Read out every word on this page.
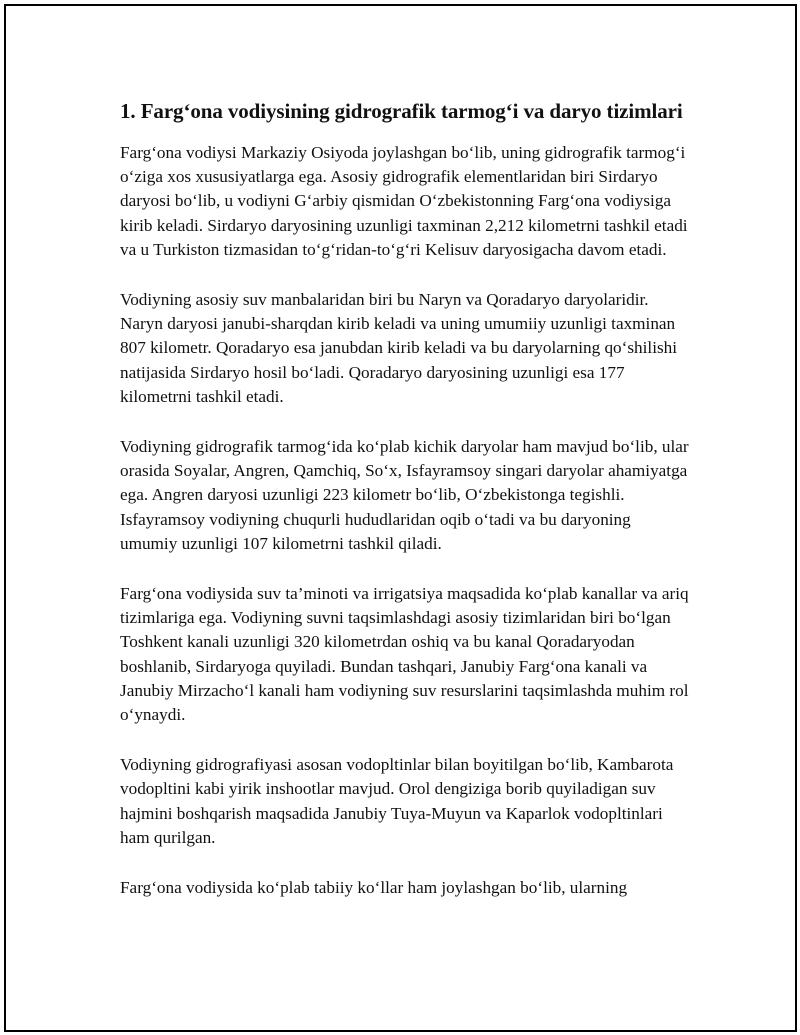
1. Farg‘ona vodiysining gidrografik tarmog‘i va daryo tizimlari

Farg‘ona vodiysi Markaziy Osiyoda joylashgan bo‘lib, uning gidrografik tarmog‘i o‘ziga xos xususiyatlarga ega. Asosiy gidrografik elementlaridan biri Sirdaryo daryosi bo‘lib, u vodiyni G‘arbiy qismidan O‘zbekistonning Farg‘ona vodiysiga kirib keladi. Sirdaryo daryosining uzunligi taxminan 2,212 kilometrni tashkil etadi va u Turkiston tizmasidan to‘g‘ridan-to‘g‘ri Kelisuv daryosigacha davom etadi.

Vodiyning asosiy suv manbalaridan biri bu Naryn va Qoradaryo daryolaridir. Naryn daryosi janubi-sharqdan kirib keladi va uning umumiiy uzunligi taxminan 807 kilometr. Qoradaryo esa janubdan kirib keladi va bu daryolarning qo‘shilishi natijasida Sirdaryo hosil bo‘ladi. Qoradaryo daryosining uzunligi esa 177 kilometrni tashkil etadi.

Vodiyning gidrografik tarmog‘ida ko‘plab kichik daryolar ham mavjud bo‘lib, ular orasida Soyalar, Angren, Qamchiq, So‘x, Isfayramsoy singari daryolar ahamiyatga ega. Angren daryosi uzunligi 223 kilometr bo‘lib, O‘zbekistonga tegishli. Isfayramsoy vodiyning chuqurli hududlaridan oqib o‘tadi va bu daryoning umumiy uzunligi 107 kilometrni tashkil qiladi.

Farg‘ona vodiysida suv ta’minoti va irrigatsiya maqsadida ko‘plab kanallar va ariq tizimlariga ega. Vodiyning suvni taqsimlashdagi asosiy tizimlaridan biri bo‘lgan Toshkent kanali uzunligi 320 kilometrdan oshiq va bu kanal Qoradaryodan boshlanib, Sirdaryoga quyiladi. Bundan tashqari, Janubiy Farg‘ona kanali va Janubiy Mirzacho‘l kanali ham vodiyning suv resurslarini taqsimlashda muhim rol o‘ynaydi.

Vodiyning gidrografiyasi asosan vodopltinlar bilan boyitilgan bo‘lib, Kambarota vodopltini kabi yirik inshootlar mavjud. Orol dengiziga borib quyiladigan suv hajmini boshqarish maqsadida Janubiy Tuya-Muyun va Kaparlok vodopltinlari ham qurilgan.

Farg‘ona vodiysida ko‘plab tabiiy ko‘llar ham joylashgan bo‘lib, ularning
